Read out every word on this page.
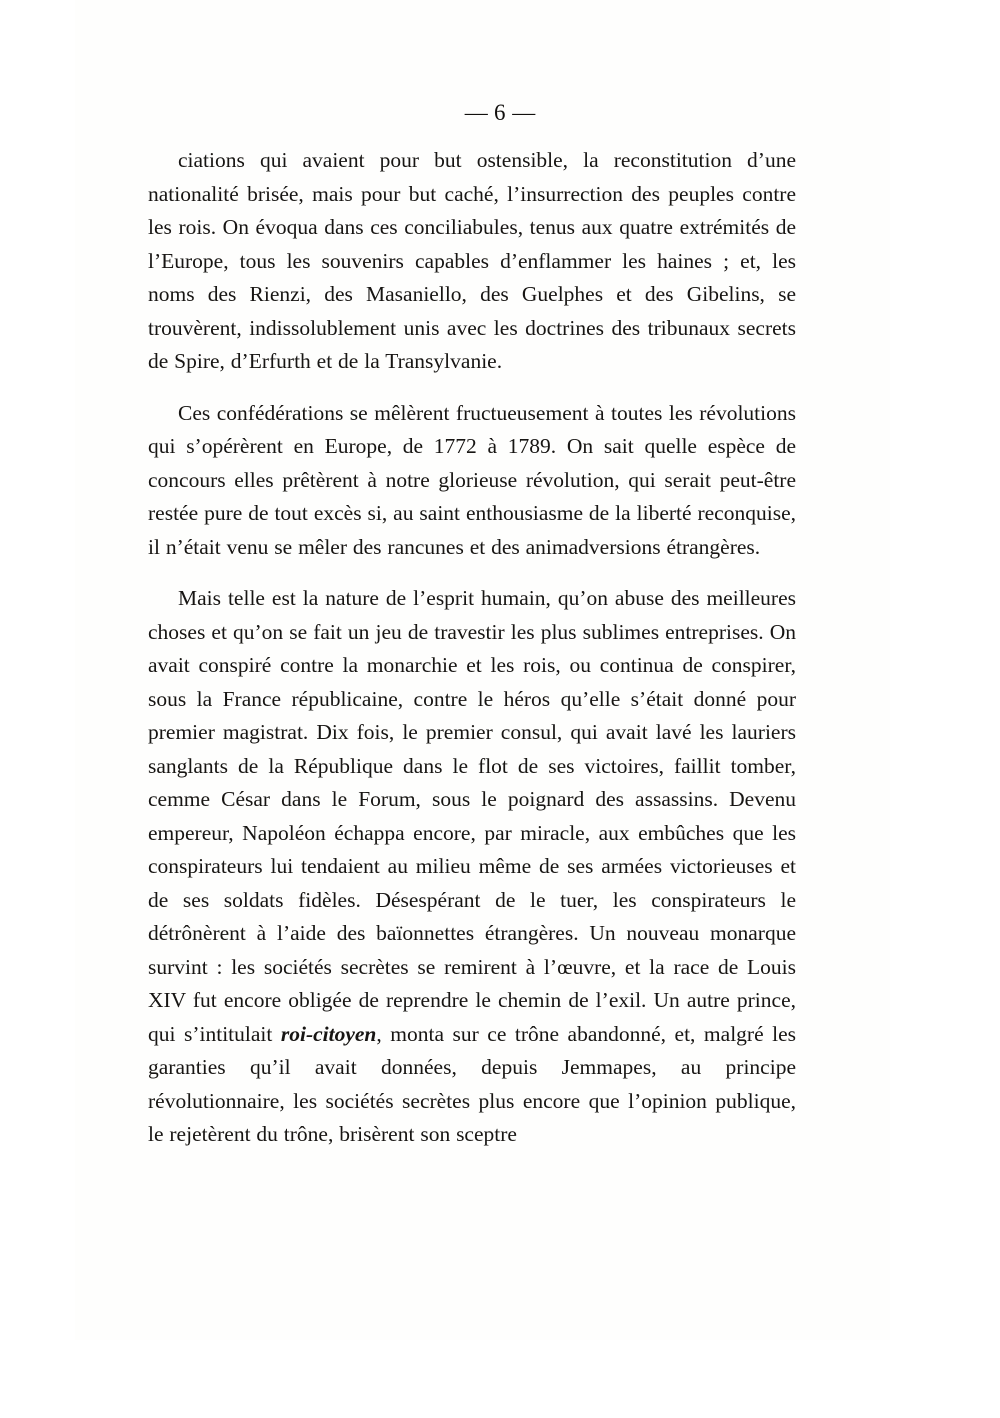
— 6 —

ciations qui avaient pour but ostensible, la reconstitution d’une nationalité brisée, mais pour but caché, l’insurrection des peuples contre les rois. On évoqua dans ces conciliabules, tenus aux quatre extrémités de l’Europe, tous les souvenirs capables d’enflammer les haines ; et, les noms des Rienzi, des Masaniello, des Guelphes et des Gibelins, se trouvèrent, indissolublement unis avec les doctrines des tribunaux secrets de Spire, d’Erfurth et de la Transylvanie.

Ces confédérations se mêlèrent fructueusement à toutes les révolutions qui s’opérèrent en Europe, de 1772 à 1789. On sait quelle espèce de concours elles prêtèrent à notre glorieuse révolution, qui serait peut-être restée pure de tout excès si, au saint enthousiasme de la liberté reconquise, il n’était venu se mêler des rancunes et des animadversions étrangères.

Mais telle est la nature de l’esprit humain, qu’on abuse des meilleures choses et qu’on se fait un jeu de travestir les plus sublimes entreprises. On avait conspiré contre la monarchie et les rois, ou continua de conspirer, sous la France républicaine, contre le héros qu’elle s’était donné pour premier magistrat. Dix fois, le premier consul, qui avait lavé les lauriers sanglants de la République dans le flot de ses victoires, faillit tomber, cemme César dans le Forum, sous le poignard des assassins. Devenu empereur, Napoléon échappa encore, par miracle, aux embûches que les conspirateurs lui tendaient au milieu même de ses armées victorieuses et de ses soldats fidèles. Désespérant de le tuer, les conspirateurs le détrônèrent à l’aide des baïonnettes étrangères. Un nouveau monarque survint : les sociétés secrètes se remirent à l’œuvre, et la race de Louis XIV fut encore obligée de reprendre le chemin de l’exil. Un autre prince, qui s’intitulait roi-citoyen, monta sur ce trône abandonné, et, malgré les garanties qu’il avait données, depuis Jemmapes, au principe révolutionnaire, les sociétés secrètes plus encore que l’opinion publique, le rejetèrent du trône, brisèrent son sceptre
